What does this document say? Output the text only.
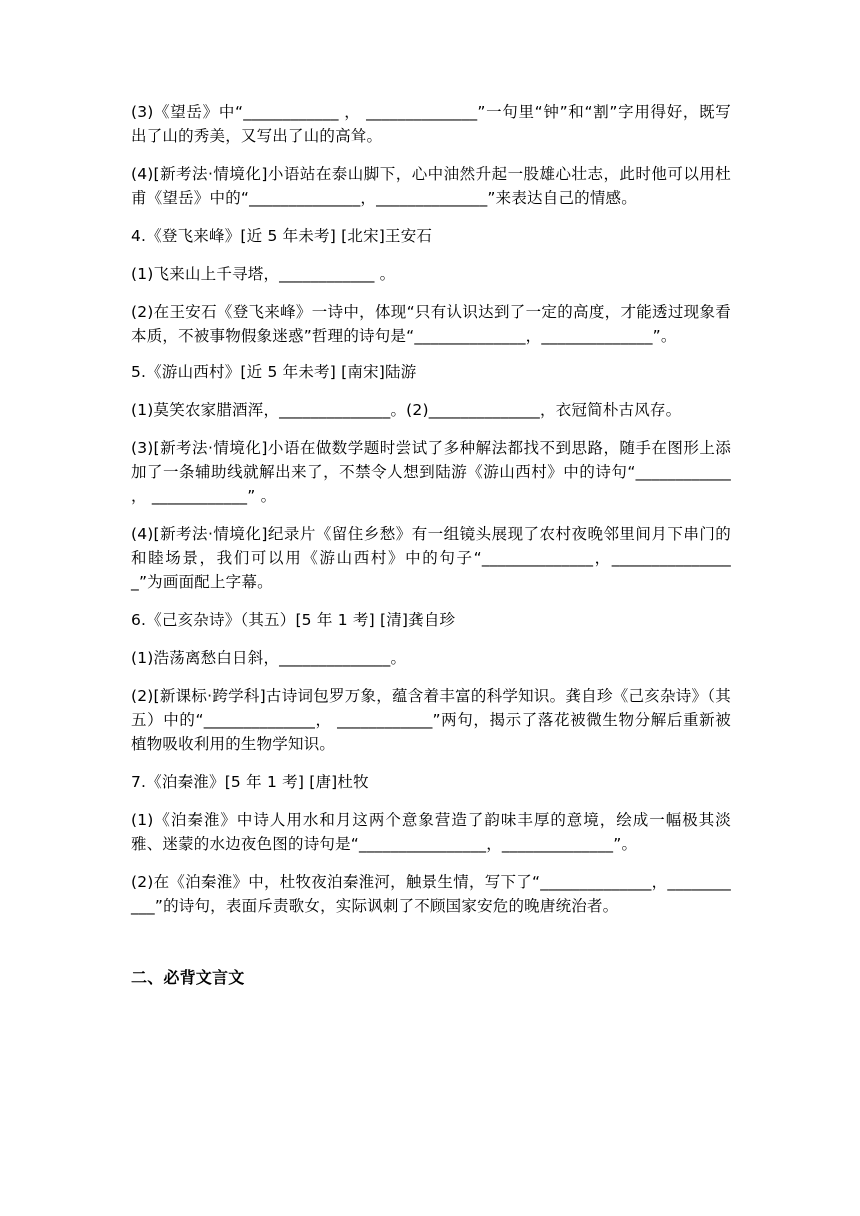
(3)《望岳》中“____________ ， ______________”一句里“钟”和“割”字用得好，既写出了山的秀美，又写出了山的高耸。

(4)[新考法·情境化]小语站在泰山脚下，心中油然升起一股雄心壮志，此时他可以用杜甫《望岳》中的“______________，______________”来表达自己的情感。

4.《登飞来峰》[近 5 年未考] [北宋]王安石

(1)飞来山上千寻塔，____________ 。

(2)在王安石《登飞来峰》一诗中，体现“只有认识达到了一定的高度，才能透过现象看本质，不被事物假象迷惑”哲理的诗句是“______________，______________”。

5.《游山西村》[近 5 年未考] [南宋]陆游

(1)莫笑农家腊酒浑，______________。(2)______________，衣冠简朴古风存。

(3)[新考法·情境化]小语在做数学题时尝试了多种解法都找不到思路，随手在图形上添加了一条辅助线就解出来了，不禁令人想到陆游《游山西村》中的诗句“____________ ， ____________” 。

(4)[新考法·情境化]纪录片《留住乡愁》有一组镜头展现了农村夜晚邻里间月下串门的和睦场景，我们可以用《游山西村》中的句子“______________，________________”为画面配上字幕。

6.《己亥杂诗》（其五）[5 年 1 考] [清]龚自珍

(1)浩荡离愁白日斜，______________。

(2)[新课标·跨学科]古诗词包罗万象，蕴含着丰富的科学知识。龚自珍《己亥杂诗》（其五）中的“______________， ____________”两句，揭示了落花被微生物分解后重新被植物吸收利用的生物学知识。

7.《泊秦淮》[5 年 1 考] [唐]杜牧

(1)《泊秦淮》中诗人用水和月这两个意象营造了韵味丰厚的意境，绘成一幅极其淡雅、迷蒙的水边夜色图的诗句是“________________，______________”。

(2)在《泊秦淮》中，杜牧夜泊秦淮河，触景生情，写下了“______________，___________”的诗句，表面斥责歌女，实际讽刺了不顾国家安危的晚唐统治者。

二、必背文言文
